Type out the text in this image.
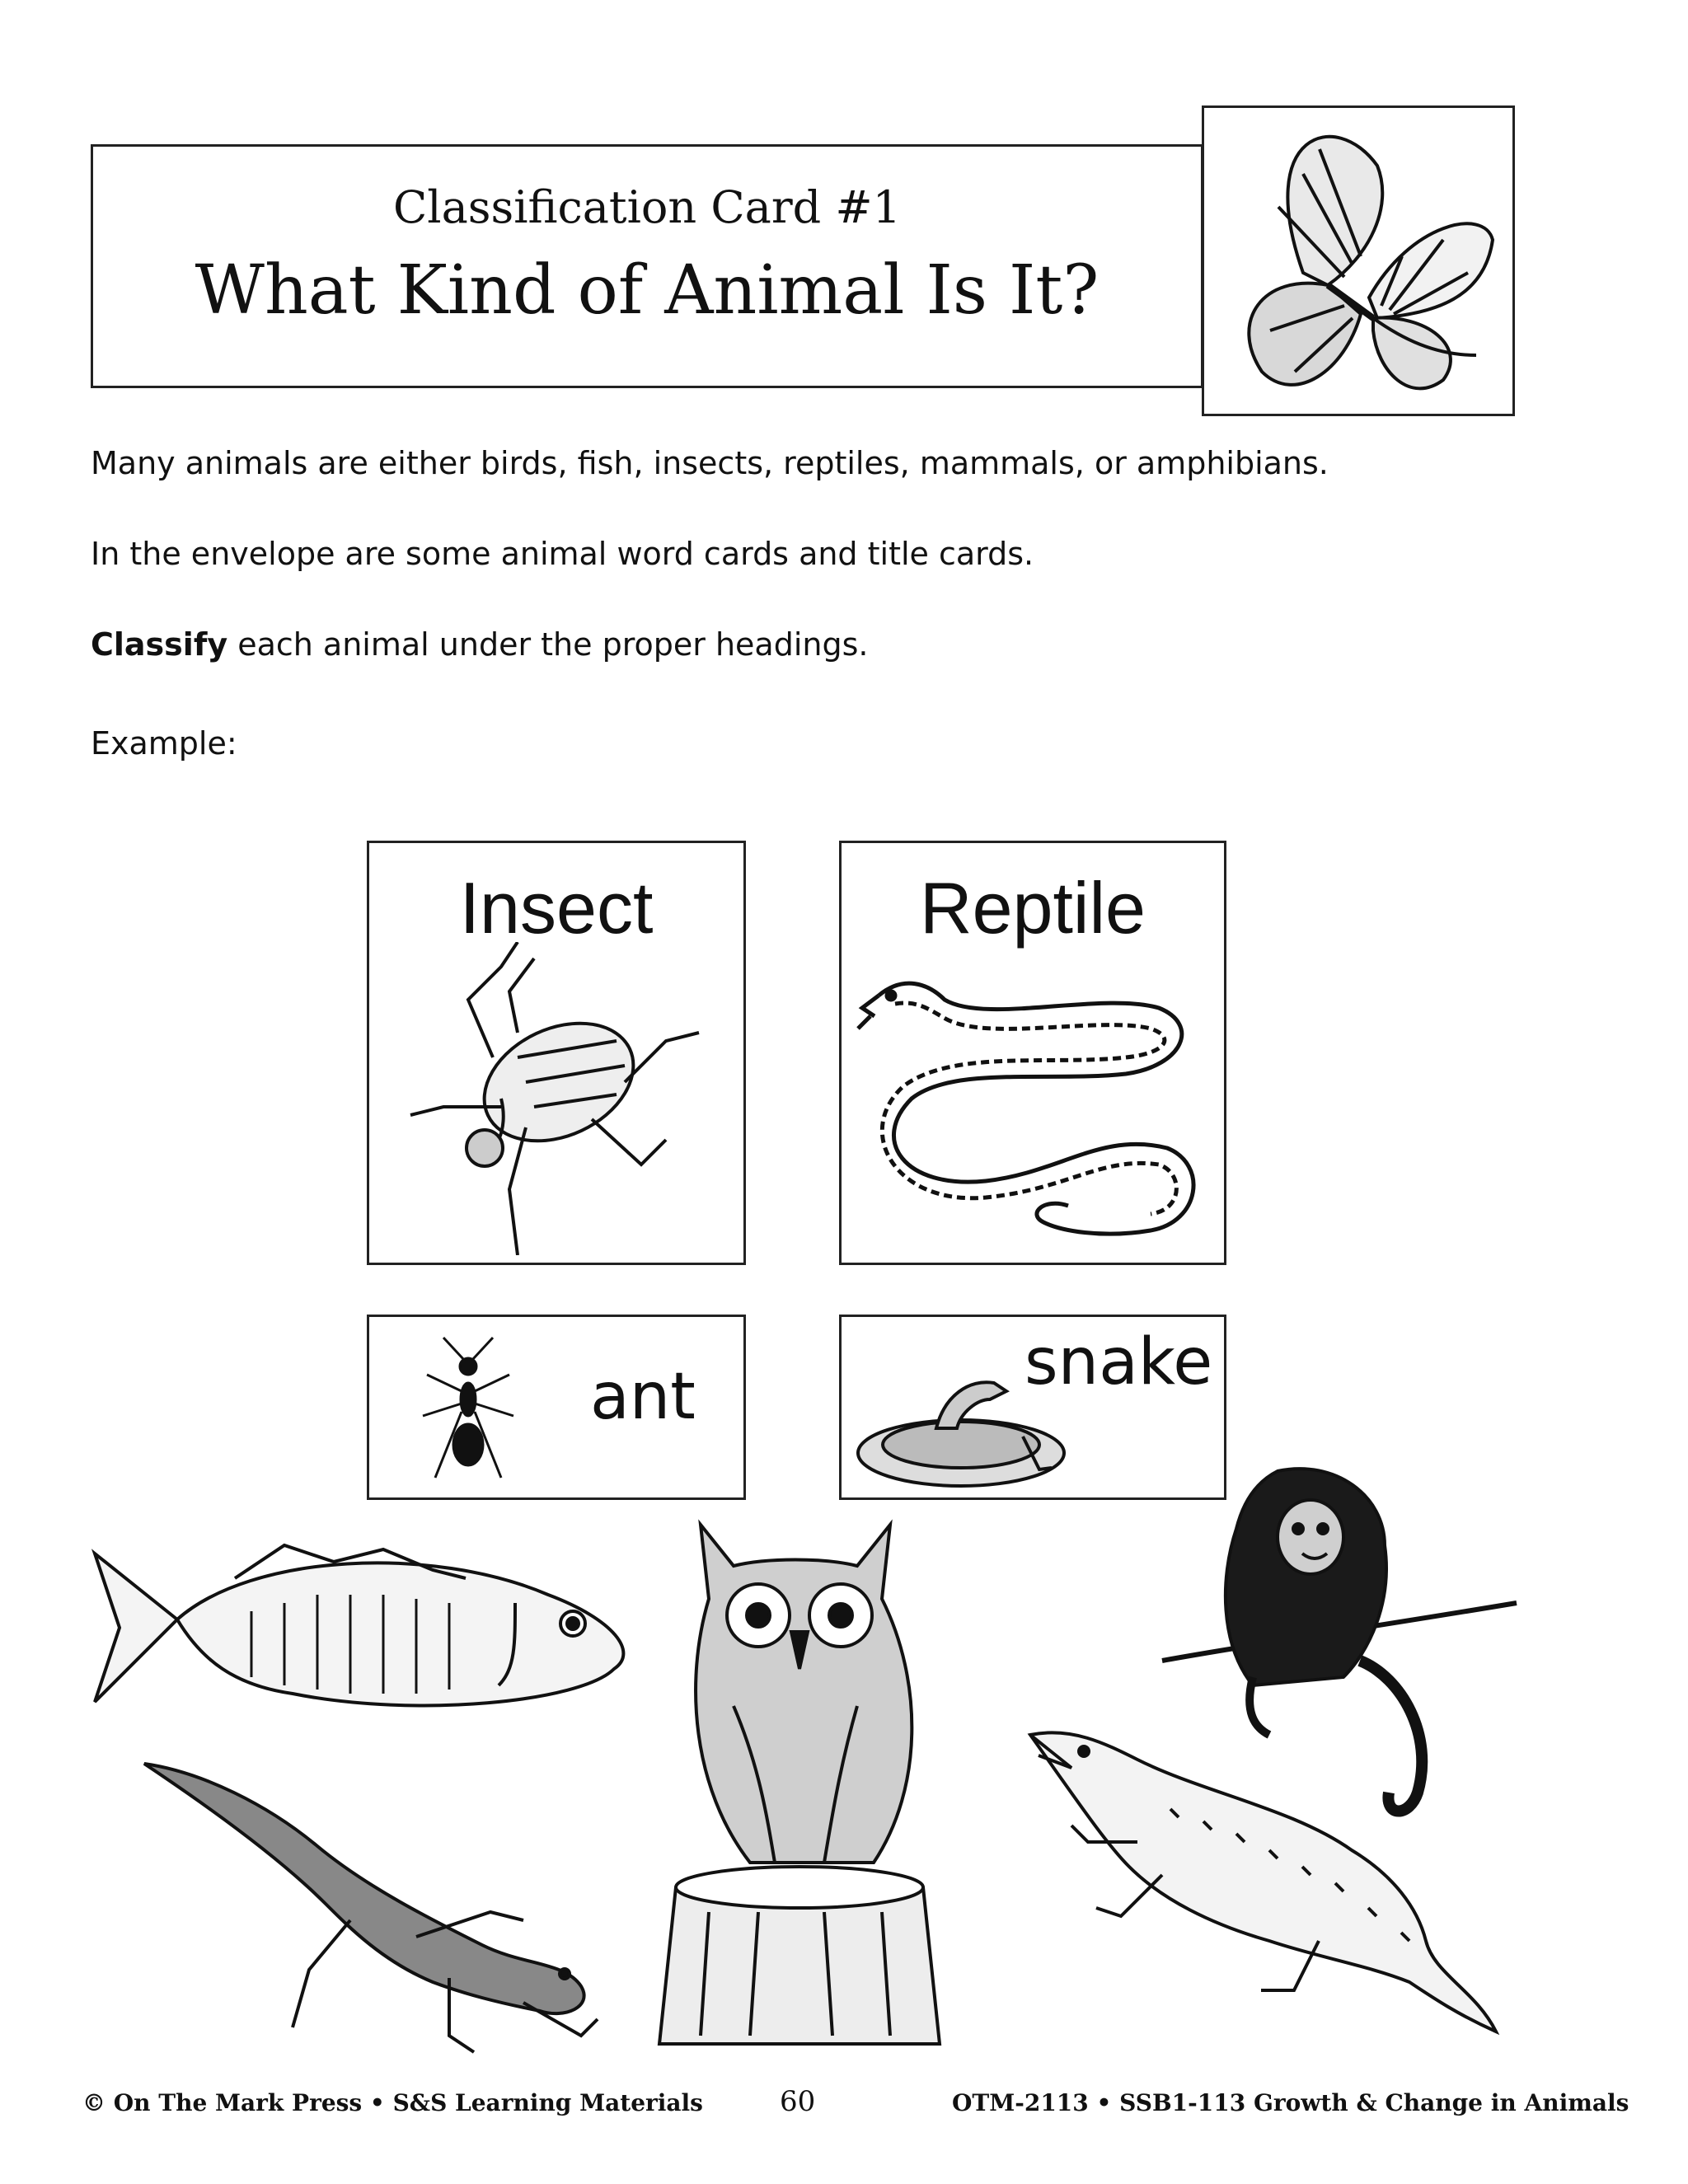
Classification Card #1
What Kind of Animal Is It?
Many animals are either birds, fish, insects, reptiles, mammals, or amphibians.
In the envelope are some animal word cards and title cards.
Classify each animal under the proper headings.
Example:
Insect	Reptile
ant	snake
© On The Mark Press • S&S Learning Materials	60	OTM-2113 • SSB1-113 Growth & Change in Animals
